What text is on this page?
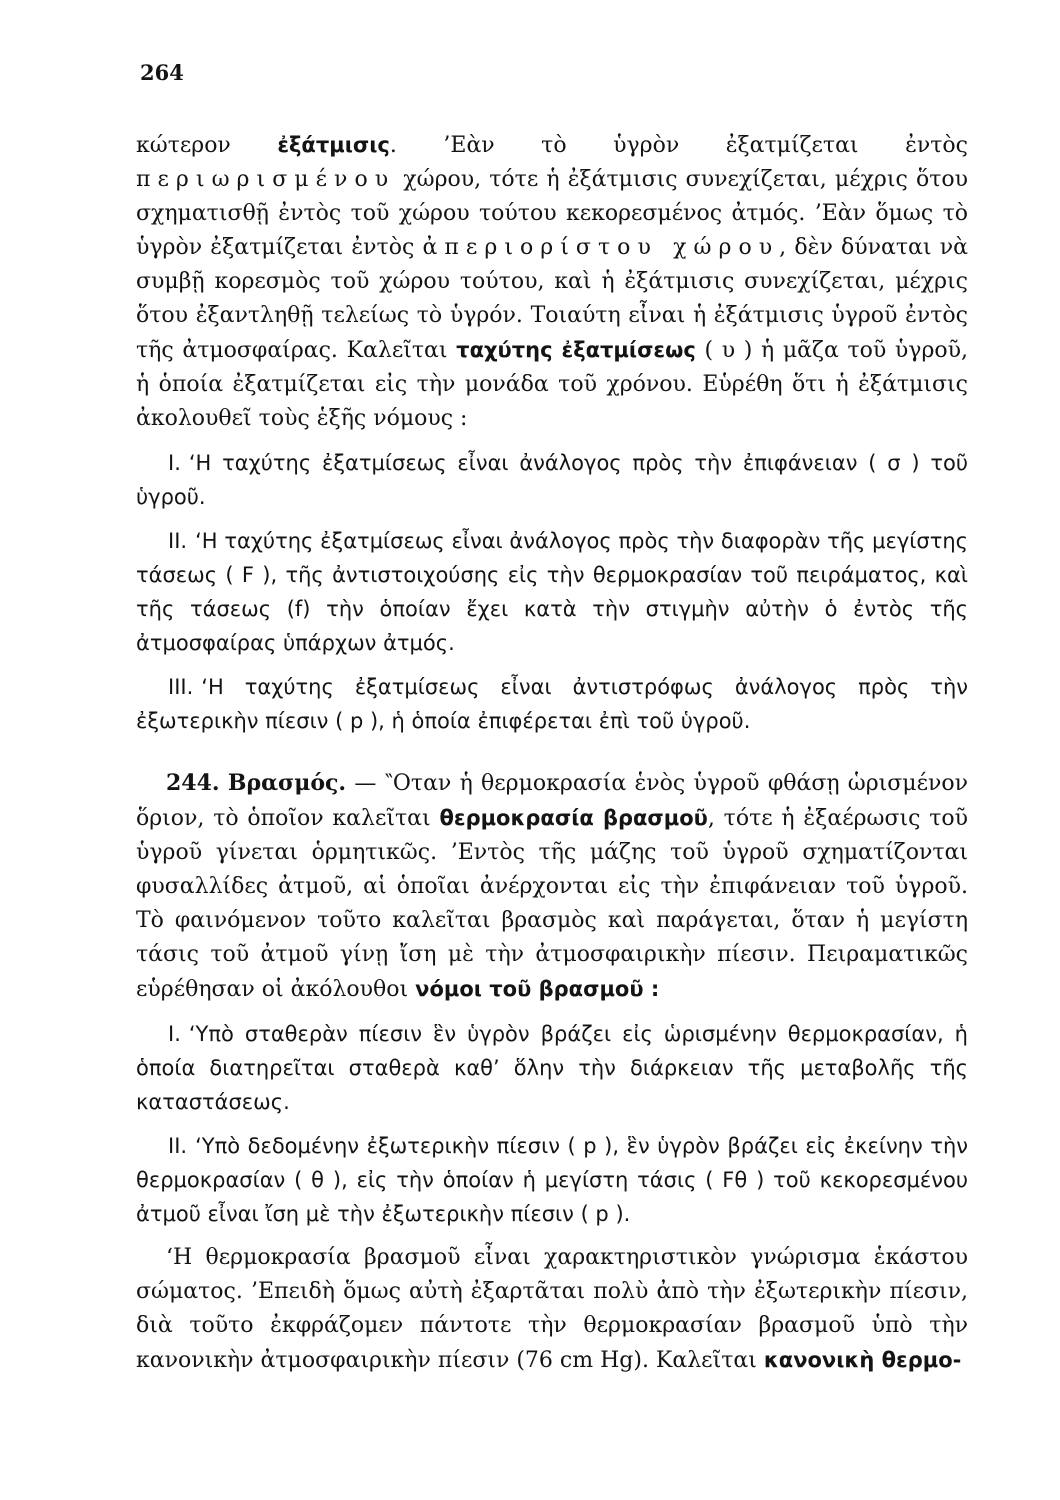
264

κώτερον ἐξάτμισις. ’Εὰν τὸ ὑγρὸν ἐξατμίζεται ἐντὸς περιωρισμένου χώρου, τότε ἡ ἐξάτμισις συνεχίζεται, μέχρις ὅτου σχηματισθῇ ἐντὸς τοῦ χώρου τούτου κεκορεσμένος ἀτμός. ’Εὰν ὅμως τὸ ὑγρὸν ἐξατμίζεται ἐντὸς ἀπεριορίστου χώρου, δὲν δύναται νὰ συμβῇ κορεσμὸς τοῦ χώρου τούτου, καὶ ἡ ἐξάτμισις συνεχίζεται, μέχρις ὅτου ἐξαντληθῇ τελείως τὸ ὑγρόν. Τοιαύτη εἶναι ἡ ἐξάτμισις ὑγροῦ ἐντὸς τῆς ἀτμοσφαίρας. Καλεῖται ταχύτης ἐξατμίσεως ( υ ) ἡ μᾶζα τοῦ ὑγροῦ, ἡ ὁποία ἐξατμίζεται εἰς τὴν μονάδα τοῦ χρόνου. Εὑρέθη ὅτι ἡ ἐξάτμισις ἀκολουθεῖ τοὺς ἑξῆς νόμους :

I. ‘Η ταχύτης ἐξατμίσεως εἶναι ἀνάλογος πρὸς τὴν ἐπιφάνειαν ( σ ) τοῦ ὑγροῦ.

II. ‘Η ταχύτης ἐξατμίσεως εἶναι ἀνάλογος πρὸς τὴν διαφορὰν τῆς μεγίστης τάσεως ( F ), τῆς ἀντιστοιχούσης εἰς τὴν θερμοκρασίαν τοῦ πειράματος, καὶ τῆς τάσεως (f) τὴν ὁποίαν ἔχει κατὰ τὴν στιγμὴν αὐτὴν ὁ ἐντὸς τῆς ἀτμοσφαίρας ὑπάρχων ἀτμός.

III. ‘Η ταχύτης ἐξατμίσεως εἶναι ἀντιστρόφως ἀνάλογος πρὸς τὴν ἐξωτερικὴν πίεσιν ( p ), ἡ ὁποία ἐπιφέρεται ἐπὶ τοῦ ὑγροῦ.

244. Βρασμός. — ‶Οταν ἡ θερμοκρασία ἑνὸς ὑγροῦ φθάσῃ ὡρισμένον ὅριον, τὸ ὁποῖον καλεῖται θερμοκρασία βρασμοῦ, τότε ἡ ἐξαέρωσις τοῦ ὑγροῦ γίνεται ὁρμητικῶς. ’Εντὸς τῆς μάζης τοῦ ὑγροῦ σχηματίζονται φυσαλλίδες ἀτμοῦ, αἱ ὁποῖαι ἀνέρχονται εἰς τὴν ἐπιφάνειαν τοῦ ὑγροῦ. Τὸ φαινόμενον τοῦτο καλεῖται βρασμὸς καὶ παράγεται, ὅταν ἡ μεγίστη τάσις τοῦ ἀτμοῦ γίνῃ ἴση μὲ τὴν ἀτμοσφαιρικὴν πίεσιν. Πειραματικῶς εὑρέθησαν οἱ ἀκόλουθοι νόμοι τοῦ βρασμοῦ :

I. ‘Υπὸ σταθερὰν πίεσιν ἓν ὑγρὸν βράζει εἰς ὡρισμένην θερμοκρασίαν, ἡ ὁποία διατηρεῖται σταθερὰ καθ’ ὅλην τὴν διάρκειαν τῆς μεταβολῆς τῆς καταστάσεως.

II. ‘Υπὸ δεδομένην ἐξωτερικὴν πίεσιν ( p ), ἓν ὑγρὸν βράζει εἰς ἐκείνην τὴν θερμοκρασίαν ( θ ), εἰς τὴν ὁποίαν ἡ μεγίστη τάσις ( Fθ ) τοῦ κεκορεσμένου ἀτμοῦ εἶναι ἴση μὲ τὴν ἐξωτερικὴν πίεσιν ( p ).

‘Η θερμοκρασία βρασμοῦ εἶναι χαρακτηριστικὸν γνώρισμα ἑκάστου σώματος. ’Επειδὴ ὅμως αὐτὴ ἐξαρτᾶται πολὺ ἀπὸ τὴν ἐξωτερικὴν πίεσιν, διὰ τοῦτο ἐκφράζομεν πάντοτε τὴν θερμοκρασίαν βρασμοῦ ὑπὸ τὴν κανονικὴν ἀτμοσφαιρικὴν πίεσιν (76 cm Hg). Καλεῖται κανονικὴ θερμο-
